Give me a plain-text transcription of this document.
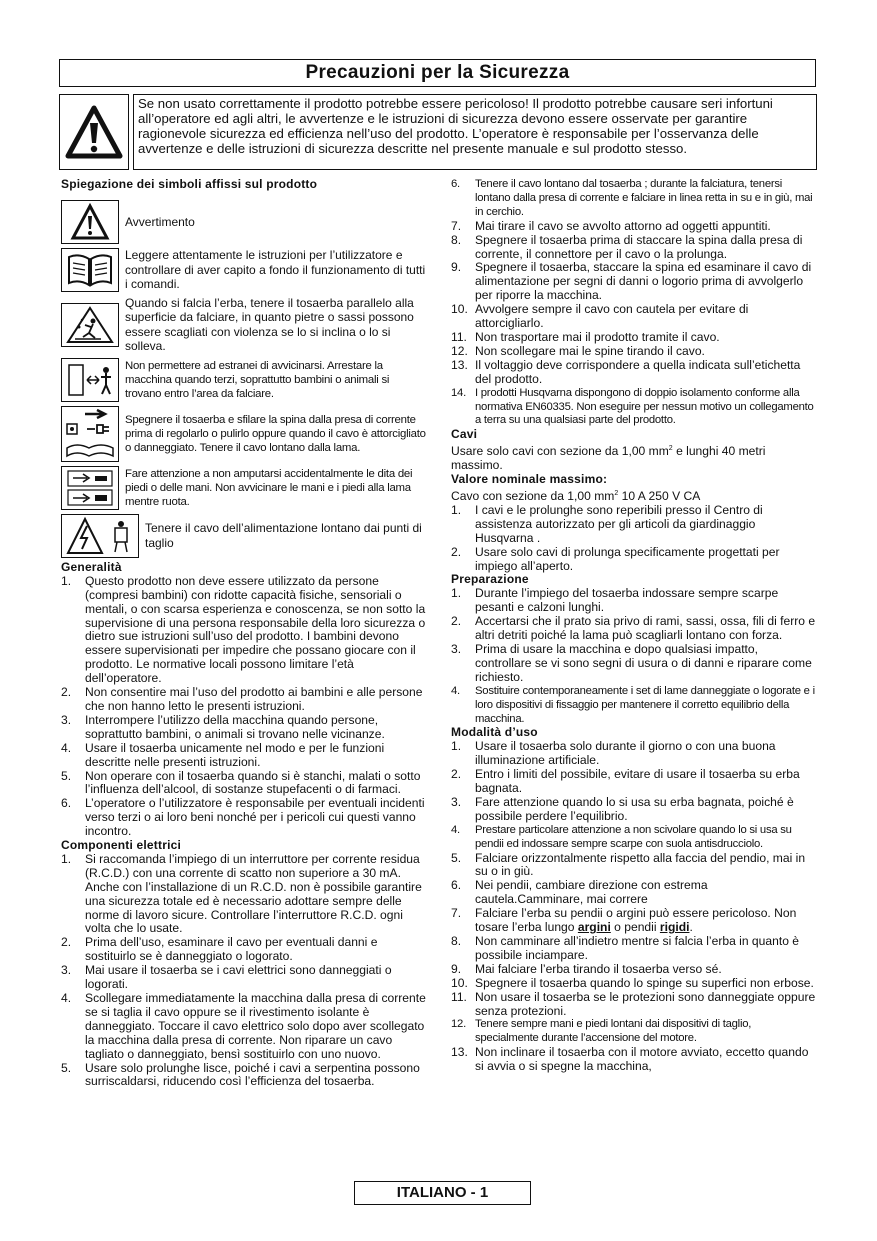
Precauzioni per la Sicurezza
Se non usato correttamente il prodotto potrebbe essere pericoloso! Il prodotto potrebbe causare seri infortuni all’operatore ed agli altri, le avvertenze e le istruzioni di sicurezza devono essere osservate per garantire ragionevole sicurezza ed efficienza nell’uso del prodotto. L’operatore è responsabile per l’osservanza delle avvertenze e delle istruzioni di sicurezza descritte nel presente manuale e sul prodotto stesso.
Spiegazione dei simboli affissi sul prodotto
Avvertimento
Leggere attentamente le istruzioni per l’utilizzatore e controllare di aver capito a fondo il funzionamento di tutti i comandi.
Quando si falcia l’erba, tenere il tosaerba parallelo alla superficie da falciare, in quanto pietre o sassi possono essere scagliati con violenza se lo si inclina o lo si solleva.
Non permettere ad estranei di avvicinarsi. Arrestare la macchina quando terzi, soprattutto bambini o animali si trovano entro l’area da falciare.
Spegnere il tosaerba e sfilare la spina dalla presa di corrente prima di regolarlo o pulirlo oppure quando il cavo è attorcigliato o danneggiato. Tenere il cavo lontano dalla lama.
Fare attenzione a non amputarsi accidentalmente le dita dei piedi o delle mani. Non avvicinare le mani e i piedi alla lama mentre ruota.
Tenere il cavo dell’alimentazione lontano dai punti di taglio
Generalità
1.	Questo prodotto non deve essere utilizzato da persone (compresi bambini) con ridotte capacità fisiche, sensoriali o mentali, o con scarsa esperienza e conoscenza, se non sotto la supervisione di una persona responsabile della loro sicurezza o dietro sue istruzioni sull’uso del prodotto. I bambini devono essere supervisionati per impedire che possano giocare con il prodotto. Le normative locali possono limitare l’età dell’operatore.
2.	Non consentire mai l’uso del prodotto ai bambini e alle persone che non hanno letto le presenti istruzioni.
3.	Interrompere l’utilizzo della macchina quando persone, soprattutto bambini, o animali si trovano nelle vicinanze.
4.	Usare il tosaerba unicamente nel modo e per le funzioni descritte nelle presenti istruzioni.
5.	Non operare con il tosaerba quando si è stanchi, malati o sotto l’influenza dell’alcool, di sostanze stupefacenti o di farmaci.
6.	L’operatore o l’utilizzatore è responsabile per eventuali incidenti verso terzi o ai loro beni nonché per i pericoli cui questi vanno incontro.
Componenti elettrici
1.	Si raccomanda l’impiego di un interruttore per corrente residua (R.C.D.) con una corrente di scatto non superiore a 30 mA. Anche con l’installazione di un R.C.D. non è possibile garantire una sicurezza totale ed è necessario adottare sempre delle norme di lavoro sicure. Controllare l’interruttore R.C.D. ogni volta che lo usate.
2.	Prima dell’uso, esaminare il cavo per eventuali danni e sostituirlo se è danneggiato o logorato.
3.	Mai usare il tosaerba se i cavi elettrici sono danneggiati o logorati.
4.	Scollegare immediatamente la macchina dalla presa di corrente se si taglia il cavo oppure se il rivestimento isolante è danneggiato. Toccare il cavo elettrico solo dopo aver scollegato la macchina dalla presa di corrente. Non riparare un cavo tagliato o danneggiato, bensì sostituirlo con uno nuovo.
5.	Usare solo prolunghe lisce, poiché i cavi a serpentina possono surriscaldarsi, riducendo così l’efficienza del tosaerba.
6.	Tenere il cavo lontano dal tosaerba ; durante la falciatura, tenersi lontano dalla presa di corrente e falciare in linea retta in su e in giù, mai in cerchio.
7.	Mai tirare il cavo se avvolto attorno ad oggetti appuntiti.
8.	Spegnere il tosaerba prima di staccare la spina dalla presa di corrente, il connettore per il cavo o la prolunga.
9.	Spegnere il tosaerba, staccare la spina ed esaminare il cavo di alimentazione per segni di danni o logorio prima di avvolgerlo per riporre la macchina.
10. Avvolgere sempre il cavo con cautela per evitare di attorcigliarlo.
11. Non trasportare mai il prodotto tramite il cavo.
12. Non scollegare mai le spine tirando il cavo.
13. Il voltaggio deve corrispondere a quella indicata sull’etichetta del prodotto.
14. I prodotti Husqvarna dispongono di doppio isolamento conforme alla normativa EN60335. Non eseguire per nessun motivo un collegamento a terra su una qualsiasi parte del prodotto.
Cavi

Usare solo cavi con sezione da 1,00 $mm^2$ e lunghi 40 metri massimo.

Valore nominale massimo:

Cavo con sezione da 1,00 $mm^2$ 10 A 250 V CA

1.	I cavi e le prolunghe sono reperibili presso il Centro di assistenza autorizzato per gli articoli da giardinaggio Husqvarna .
2.	Usare solo cavi di prolunga specificamente progettati per impiego all’aperto.
Preparazione
1.	Durante l’impiego del tosaerba indossare sempre scarpe pesanti e calzoni lunghi.
2.	Accertarsi che il prato sia privo di rami, sassi, ossa, fili di ferro e altri detriti poiché la lama può scagliarli lontano con forza.
3.	Prima di usare la macchina e dopo qualsiasi impatto, controllare se vi sono segni di usura o di danni e riparare come richiesto.
4.	Sostituire contemporaneamente i set di lame danneggiate o logorate e i loro dispositivi di fissaggio per mantenere il corretto equilibrio della macchina.
Modalità d’uso
1.	Usare il tosaerba solo durante il giorno o con una buona illuminazione artificiale.
2.	Entro i limiti del possibile, evitare di usare il tosaerba su erba bagnata.
3.	Fare attenzione quando lo si usa su erba bagnata, poiché è possibile perdere l’equilibrio.
4.	Prestare particolare attenzione a non scivolare quando lo si usa su pendii ed indossare sempre scarpe con suola antisdrucciolo.
5.	Falciare orizzontalmente rispetto alla faccia del pendio, mai in su o in giù.
6.	Nei pendii, cambiare direzione con estrema cautela.Camminare, mai correre
7.	Falciare l’erba su pendii o argini può essere pericoloso. Non tosare l’erba lungo argini o pendii rigidi.
8.	Non camminare all’indietro mentre si falcia l’erba in quanto è possibile inciampare.
9.	Mai falciare l’erba tirando il tosaerba verso sé.
10. Spegnere il tosaerba quando lo spinge su superfici non erbose.
11. Non usare il tosaerba se le protezioni sono danneggiate oppure senza protezioni.
12. Tenere sempre mani e piedi lontani dai dispositivi di taglio, specialmente durante l’accensione del motore.
13. Non inclinare il tosaerba con il motore avviato, eccetto quando si avvia o si spegne la macchina,
ITALIANO - 1
